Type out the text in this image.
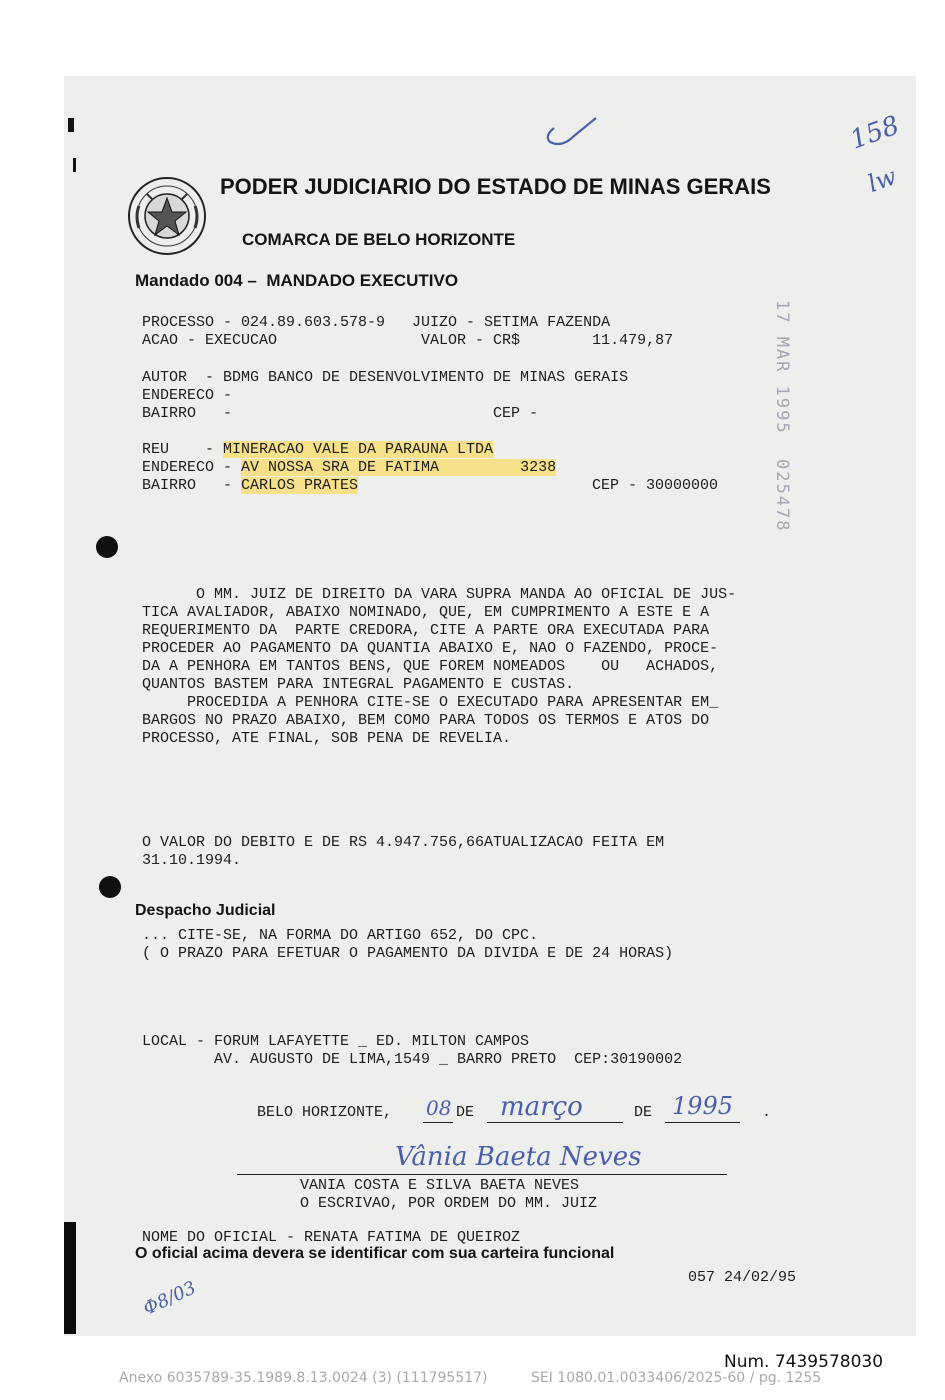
PODER JUDICIARIO DO ESTADO DE MINAS GERAIS
COMARCA DE BELO HORIZONTE
Mandado 004 –  MANDADO EXECUTIVO
PROCESSO - 024.89.603.578-9   JUIZO - SETIMA FAZENDA
ACAO - EXECUCAO                VALOR - CR$        11.479,87
AUTOR  - BDMG BANCO DE DESENVOLVIMENTO DE MINAS GERAIS
ENDERECO -
BAIRRO   -                             CEP -
REU    - MINERACAO VALE DA PARAUNA LTDA
ENDERECO - AV NOSSA SRA DE FATIMA         3238
BAIRRO   - CARLOS PRATES	CEP - 30000000	17 MAR 1995  025478
O MM. JUIZ DE DIREITO DA VARA SUPRA MANDA AO OFICIAL DE JUS-
TICA AVALIADOR, ABAIXO NOMINADO, QUE, EM CUMPRIMENTO A ESTE E A
REQUERIMENTO DA  PARTE CREDORA, CITE A PARTE ORA EXECUTADA PARA
PROCEDER AO PAGAMENTO DA QUANTIA ABAIXO E, NAO O FAZENDO, PROCE-
DA A PENHORA EM TANTOS BENS, QUE FOREM NOMEADOS    OU   ACHADOS,
QUANTOS BASTEM PARA INTEGRAL PAGAMENTO E CUSTAS.
PROCEDIDA A PENHORA CITE-SE O EXECUTADO PARA APRESENTAR EM_
BARGOS NO PRAZO ABAIXO, BEM COMO PARA TODOS OS TERMOS E ATOS DO
PROCESSO, ATE FINAL, SOB PENA DE REVELIA.
O VALOR DO DEBITO E DE RS 4.947.756,66ATUALIZACAO FEITA EM
31.10.1994.
Despacho Judicial
... CITE-SE, NA FORMA DO ARTIGO 652, DO CPC.
( O PRAZO PARA EFETUAR O PAGAMENTO DA DIVIDA E DE 24 HORAS)
LOCAL - FORUM LAFAYETTE _ ED. MILTON CAMPOS
AV. AUGUSTO DE LIMA,1549 _ BARRO PRETO  CEP:30190002
BELO HORIZONTE, 08 DE março	DE 1995 .
Vânia Baeta Neves
VANIA COSTA E SILVA BAETA NEVES
O ESCRIVAO, POR ORDEM DO MM. JUIZ
NOME DO OFICIAL - RENATA FATIMA DE QUEIROZ
O oficial acima devera se identificar com sua carteira funcional
057 24/02/95
158
lw
Ф8/03
Num. 7439578030
Anexo 6035789-35.1989.8.13.0024 (3) (111795517)	SEI 1080.01.0033406/2025-60 / pg. 1255
